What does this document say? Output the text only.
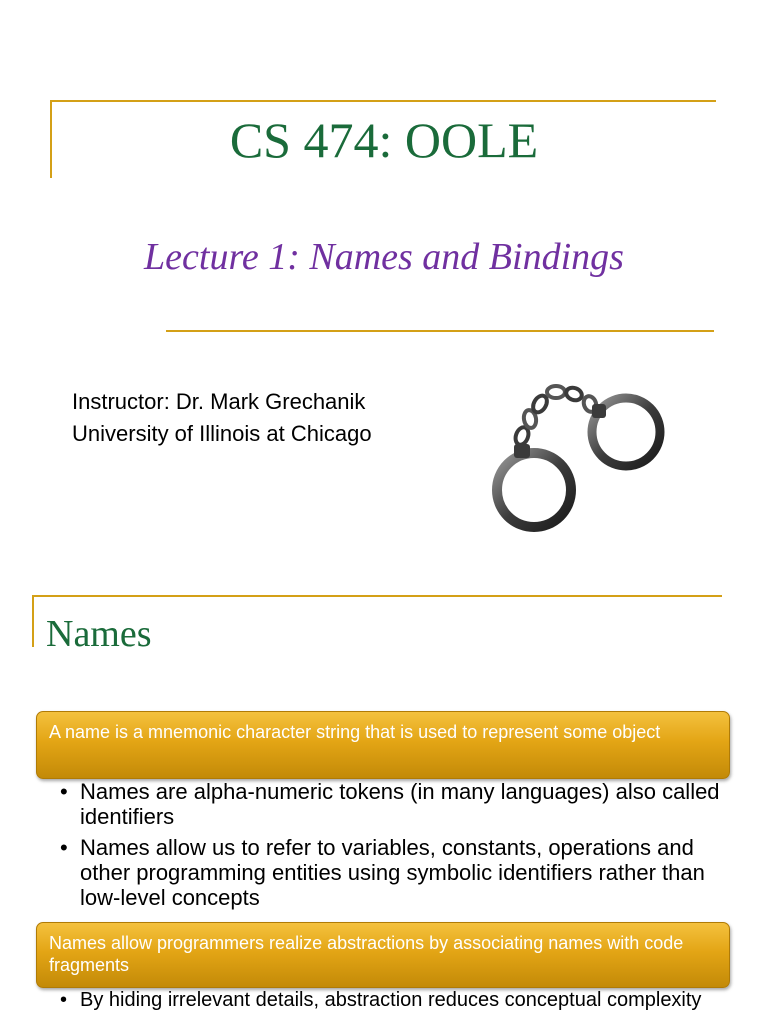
CS 474: OOLE
Lecture 1: Names and Bindings
Instructor: Dr. Mark Grechanik
University of Illinois at Chicago
Names
A name is a mnemonic character string that is used to represent some object
• Names are alpha-numeric tokens (in many languages) also called identifiers
• Names allow us to refer to variables, constants, operations and other programming entities using symbolic identifiers rather than low-level concepts
Names allow programmers realize abstractions by associating names with code fragments
• By hiding irrelevant details, abstraction reduces conceptual complexity
